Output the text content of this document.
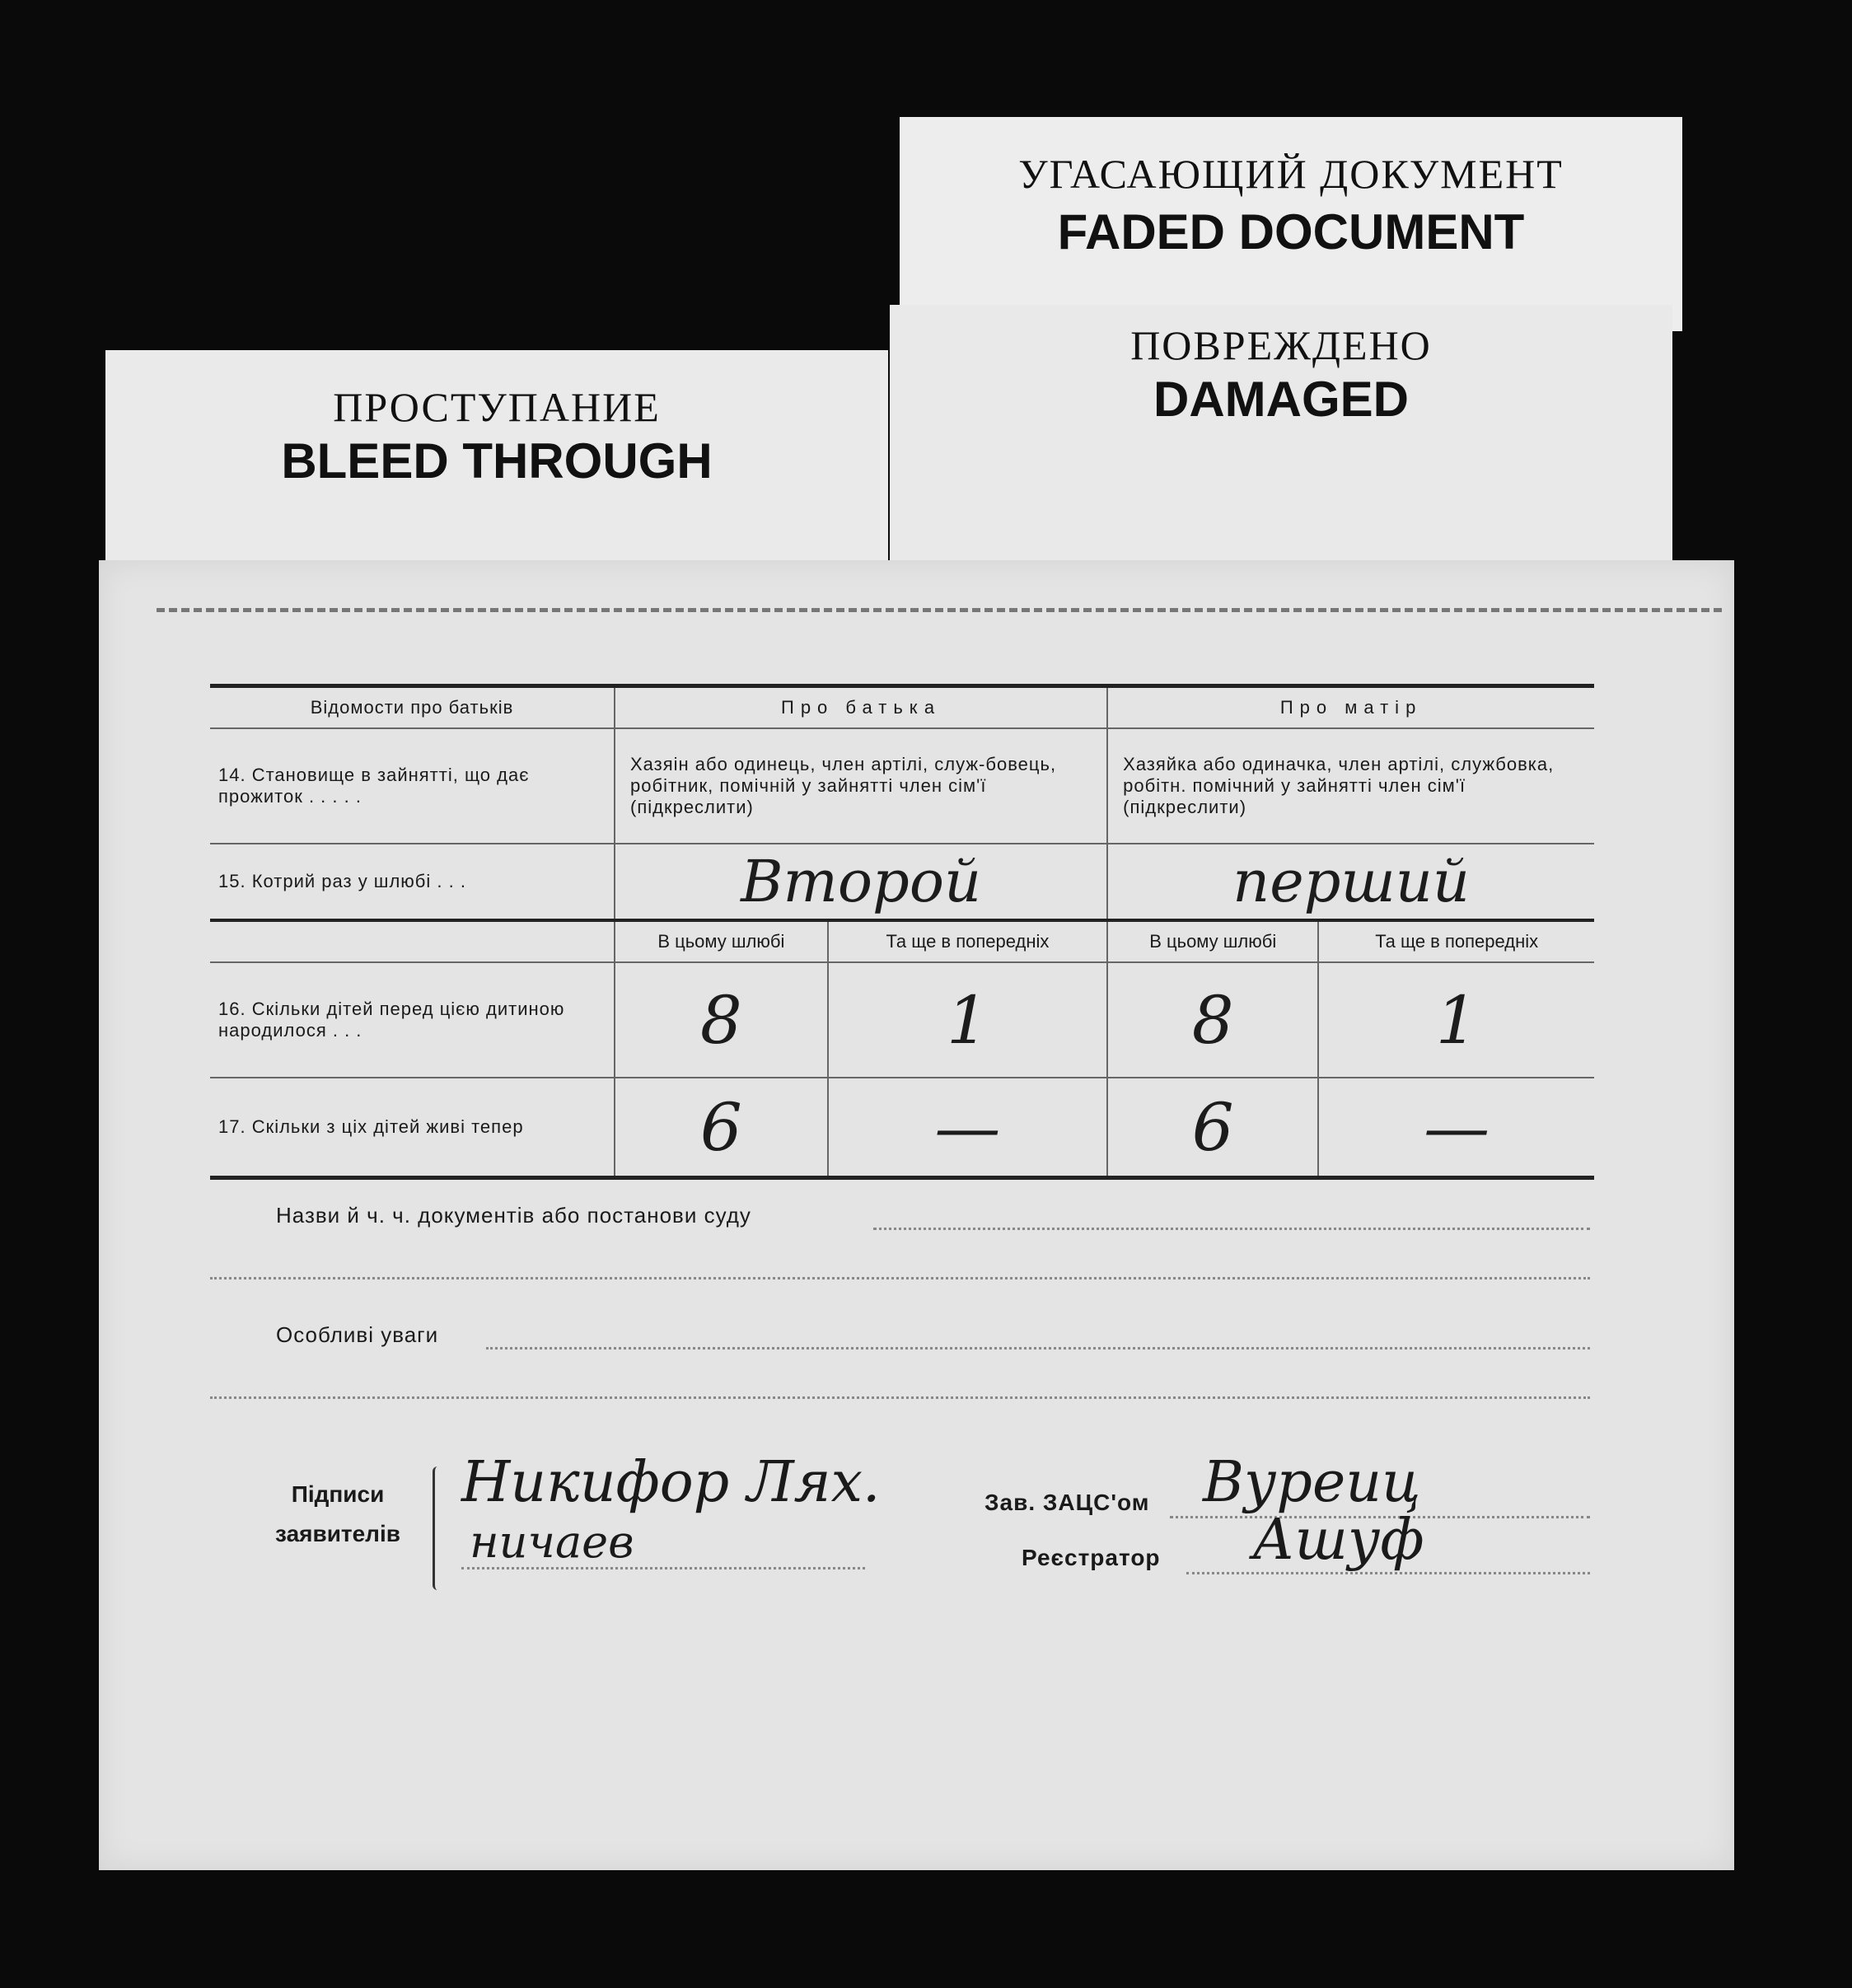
УГАСАЮЩИЙ ДОКУМЕНТ
FADED DOCUMENT
ПОВРЕЖДЕНО
DAMAGED
ПРОСТУПАНИЕ
BLEED THROUGH
Відомости про батьків	Про батька		Про матір	
14. Становище в зайнятті, що дає прожиток . . . . .	Хазяін або одинець, член артілі, служ-бовець, робітник, помічній у зайнятті член сім'ї (підкреслити)		Хазяйка або одиначка, член артілі, службовка, робітн. помічний у зайнятті член сім'ї (підкреслити)	
15. Котрий раз у шлюбі . . .	Второй		перший	
	В цьому шлюбі	Та ще в попередніх	В цьому шлюбі	Та ще в попередніх
16. Скільки дітей перед цією дитиною народилося . . .	8	1	8	1
17. Скільки з ціх дітей живі тепер	6	—	6	—
Назви й ч. ч. документів або постанови суду
Особливі уваги
Підписи заявителів
Никифор Лях.
ничаев
Зав. ЗАЦС'ом Вуреиц
Реєстратор Ашуф
